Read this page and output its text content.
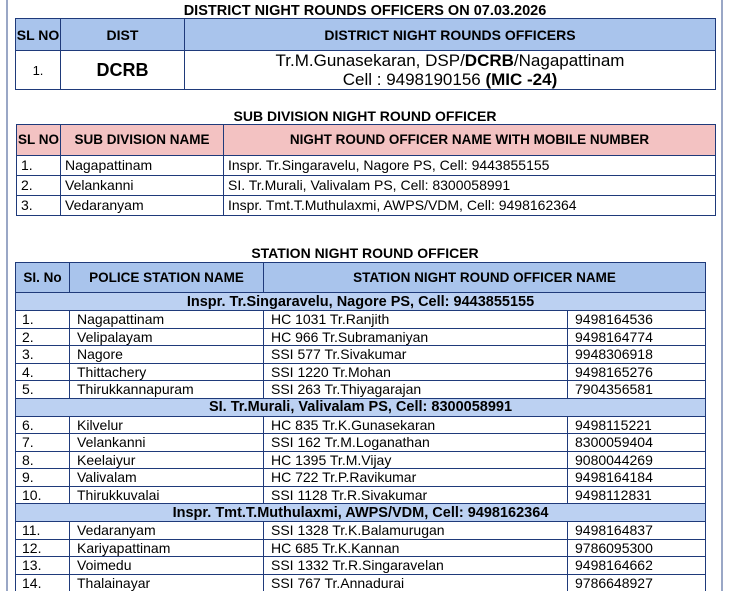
DISTRICT NIGHT ROUNDS OFFICERS ON 07.03.2026
SL NO	DIST	DISTRICT NIGHT ROUNDS OFFICERS
1.	DCRB	Tr.M.Gunasekaran, DSP/DCRB/Nagapattinam
Cell : 9498190156 (MIC -24)
SUB DIVISION NIGHT ROUND OFFICER
SL NO	SUB DIVISION NAME	NIGHT ROUND OFFICER NAME WITH MOBILE NUMBER
1.	Nagapattinam	Inspr. Tr.Singaravelu, Nagore PS, Cell: 9443855155
2.	Velankanni	SI. Tr.Murali, Valivalam PS, Cell: 8300058991
3.	Vedaranyam	Inspr. Tmt.T.Muthulaxmi, AWPS/VDM, Cell: 9498162364
STATION NIGHT ROUND OFFICER
SI. No	POLICE STATION NAME	STATION NIGHT ROUND OFFICER NAME	
Inspr. Tr.Singaravelu, Nagore PS, Cell: 9443855155			
1.	Nagapattinam	HC 1031 Tr.Ranjith	9498164536
2.	Velipalayam	HC 966 Tr.Subramaniyan	9498164774
3.	Nagore	SSI 577 Tr.Sivakumar	9948306918
4.	Thittachery	SSI 1220 Tr.Mohan	9498165276
5.	Thirukkannapuram	SSI 263 Tr.Thiyagarajan	7904356581
SI. Tr.Murali, Valivalam PS, Cell: 8300058991			
6.	Kilvelur	HC 835 Tr.K.Gunasekaran	9498115221
7.	Velankanni	SSI 162 Tr.M.Loganathan	8300059404
8.	Keelaiyur	HC 1395 Tr.M.Vijay	9080044269
9.	Valivalam	HC 722 Tr.P.Ravikumar	9498164184
10.	Thirukkuvalai	SSI 1128 Tr.R.Sivakumar	9498112831
Inspr. Tmt.T.Muthulaxmi, AWPS/VDM, Cell: 9498162364			
11.	Vedaranyam	SSI 1328 Tr.K.Balamurugan	9498164837
12.	Kariyapattinam	HC 685 Tr.K.Kannan	9786095300
13.	Voimedu	SSI 1332 Tr.R.Singaravelan	9498164662
14.	Thalainayar	SSI 767 Tr.Annadurai	9786648927
